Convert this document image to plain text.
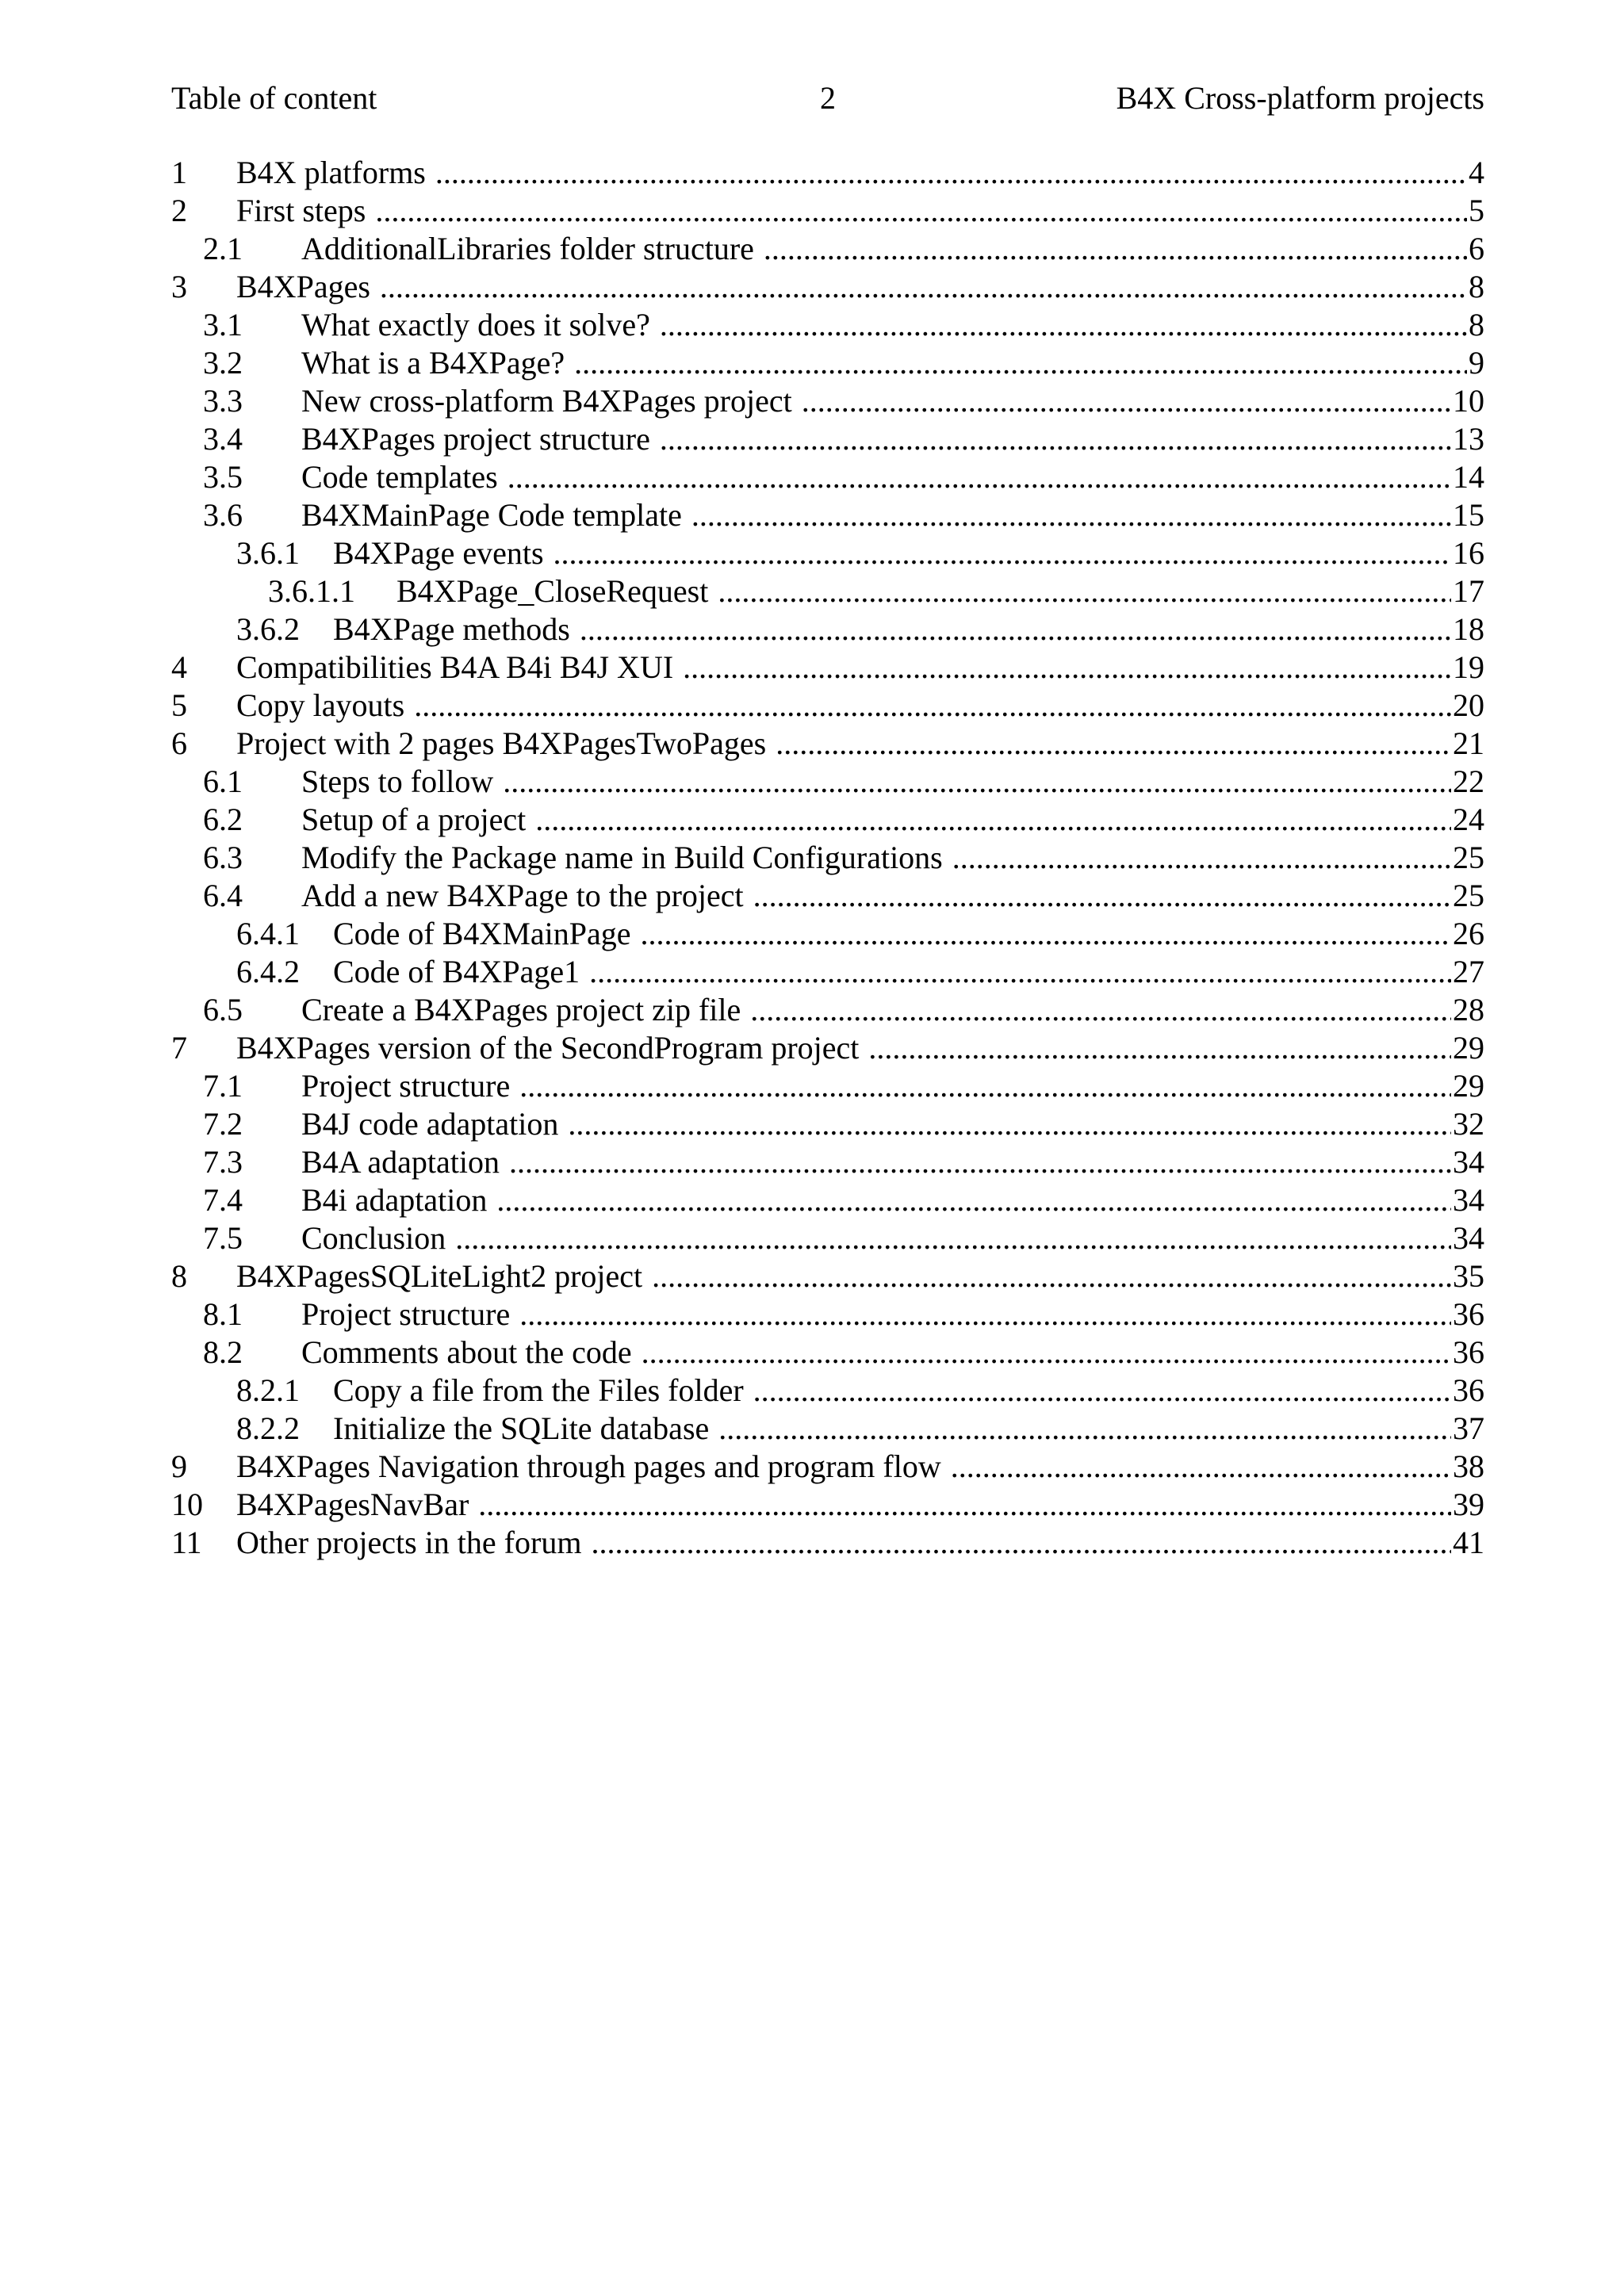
Table of content	2	B4X Cross-platform projects
1 B4X platforms .....	4
2 First steps .....	5
2.1 AdditionalLibraries folder structure .....	6
3 B4XPages .....	8
3.1 What exactly does it solve? .....	8
3.2 What is a B4XPage? .....	9
3.3 New cross-platform B4XPages project .....	10
3.4 B4XPages project structure .....	13
3.5 Code templates .....	14
3.6 B4XMainPage Code template .....	15
3.6.1 B4XPage events .....	16
3.6.1.1 B4XPage_CloseRequest .....	17
3.6.2 B4XPage methods .....	18
4 Compatibilities B4A B4i B4J XUI .....	19
5 Copy layouts .....	20
6 Project with 2 pages B4XPagesTwoPages .....	21
6.1 Steps to follow .....	22
6.2 Setup of a project .....	24
6.3 Modify the Package name in Build Configurations .....	25
6.4 Add a new B4XPage to the project .....	25
6.4.1 Code of B4XMainPage .....	26
6.4.2 Code of B4XPage1 .....	27
6.5 Create a B4XPages project zip file .....	28
7 B4XPages version of the SecondProgram project .....	29
7.1 Project structure .....	29
7.2 B4J code adaptation .....	32
7.3 B4A adaptation .....	34
7.4 B4i adaptation .....	34
7.5 Conclusion .....	34
8 B4XPagesSQLiteLight2 project .....	35
8.1 Project structure .....	36
8.2 Comments about the code .....	36
8.2.1 Copy a file from the Files folder .....	36
8.2.2 Initialize the SQLite database .....	37
9 B4XPages Navigation through pages and program flow .....	38
10 B4XPagesNavBar .....	39
11 Other projects in the forum .....	41
